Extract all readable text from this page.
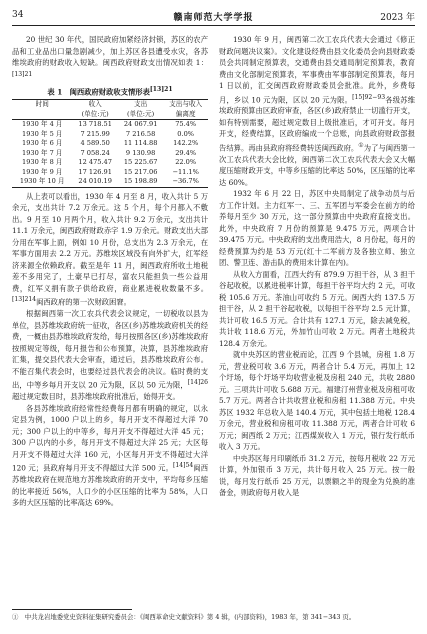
34	赣南师范大学学报	2023 年

20 世纪 30 年代，国民政府加紧经济封锁，苏区的农产品和工业品出口量急剧减少，加上苏区各县遭受水灾，各苏维埃政府的财政收入短缺。闽西政府财政支出情况如表 1：$^{[13]21}$

表 1　闽西政府财政收支情形表$^{[13]21}$
时间	收入	支出	支出与收入
	(单位:元)	(单位:元)	偏离度
1930 年 4 月	13 718.51	24 067.91	75.4%
1930 年 5 月	7 215.99	7 216.58	0.0%
1930 年 6 月	4 589.50	11 114.88	142.2%
1930 年 7 月	7 058.24	9 130.98	29.4%
1930 年 8 月	12 475.47	15 225.67	22.0%
1930 年 9 月	17 126.91	15 217.06	−11.1%
1930 年 10 月	24 010.19	15 198.89	−36.7%

从上表可以看出，1930 年 4 月至 8 月，收入共计 5 万余元，支出共计 7.2 万余元。这 5 个月，每个月都入不敷出。9 月至 10 月两个月，收入共计 9.2 万余元，支出共计 11.1 万余元，闽西政府财政赤字 1.9 万余元。财政支出大部分用在军事上面，例如 10 月份，总支出为 2.3 万余元，在军事方面用去 2.2 万元。苏维埃区域没有向外扩大，红军经济来源全依赖政府。截至是年 11 月，闽西政府所收土地税差不多用完了，土豪早已打尽，富农只能担负一些公益用费，红军义捐有款子供给政府，商业累进税收数量不多。$^{[13]214}$闽西政府的第一次财政困窘。

根据闽西第一次工农兵代表会议规定，一切税收以县为单位，县苏维埃政府统一征收，各区(乡)苏维埃政府机关的经费，一概由县苏维埃政府发给，每月按照各区(乡)苏维埃政府按照规定等级，每月报告和公布预算，决算，县苏维埃政府汇集，提交县代表大会审查，通过后，县苏维埃政府公布。不能召集代表会时，也要经过县代表会的决议。临时费的支出，中等乡每月开支以 20 元为限，区以 50 元为限，$^{[14]26}$超过规定数目时，县苏维埃政府批准后，始得开支。

各县苏维埃政府经常性经费每月都有明确的规定，以永定县为例，1000 户以上的乡，每月开支不得超过大洋 70 元；300 户以上的中等乡，每月开支不得超过大洋 45 元；300 户以内的小乡，每月开支不得超过大洋 25 元；大区每月开支不得超过大洋 160 元，小区每月开支不得超过大洋 120 元；县政府每月开支不得超过大洋 500 元。$^{[14]54}$闽西苏维埃政府在规范地方苏维埃政府的开支中，平均每乡压缩的比率接近 56%，人口少的小区压缩的比率为 58%，人口多的大区压缩的比率高达 69%。

1930 年 9 月，闽西第二次工农兵代表大会通过《修正财政问题决议案》。文化建设经费由县文化委员会向县财政委员会共同制定预算表，交通费由县交通局制定预算表，教育费由文化部制定预算表，军事费由军事部制定预算表，每月 1 日以前，汇交闽西政府财政委员会批准。此外，乡费每月，乡以 10 元为限，区以 20 元为限。$^{[15]92-93}$各级苏维埃政府预算由区政府审查，各区(乡)政府禁止一切滥行开支，如有特别需要，超过规定数目上级批准后，才可开支。每月开支，经费结算，区政府编成一个总账，向县政府财政部报告结算。再由县政府将经费转送闽西政府。①为了与闽西第一次工农兵代表大会比较，闽西第二次工农兵代表大会又大幅度压缩财政开支，中等乡压缩的比率达 50%，区压缩的比率达 60%。

1932 年 6 月 22 日，苏区中央局制定了战争动员与后方工作计划。主力红军一、三、五军团与军委会在前方的给养每月至少 30 万元，这一部分预算由中央政府直接支出。此外，中央政府 7 月份的预算是 9.475 万元，两项合计 39.475 万元。中央政府的支出费用浩大，8 月份起，每月的经费预算为约是 53 万元(红十二军前方及各独立师、独立团、警卫连、游击队的费用未计算在内)。

从收入方面看，江西大约有 879.9 万担干谷，从 3 担干谷起收税，以累进税率计算，每担干谷平均大约 2 元，可收税 105.6 万元。茶油山可收约 5 万元。闽西大约 137.5 万担干谷，从 2 担干谷起收税，以每担干谷平均 2.5 元计算，共计可收 16.5 万元。合计共有 127.1 万元，除去减免税，共计收 118.6 万元，外加竹山可收 2 万元。两者土地税共 128.4 万余元。

就中央苏区的营业税而论，江西 9 个县城，房租 1.8 万元，营业税可收 3.6 万元，两者合计 5.4 万元，再加上 12 个圩场，每个圩场平均收营业税及房租 240 元，共收 2880 元。三项共计可收 5.688 万元。福建汀州营业税及房租可收 5.7 万元。两者合计共收营业税和房租 11.388 万元。中央苏区 1932 年总收入是 140.4 万元，其中包括土地税 128.4 万余元，营业税和房租可收 11.388 万元，两者合计可收 6 万元；闽西纸 2 万元；江西煤炭收入 1 万元，银行发行纸币收入 3 万元。

中央苏区每月印刷纸币 31.2 万元，按每月税收 22 万元计算，外加银币 3 万元，共计每月收入 25 万元。按一般说，每月发行纸币 25 万元，以票额之半的现金为兑换的准备金，则政府每月收入是

①　中共龙岩地委党史资料征集研究委员会：《闽西革命史文献资料》第 4 辑，(内部资料)，1983 年，第 341−343 页。
